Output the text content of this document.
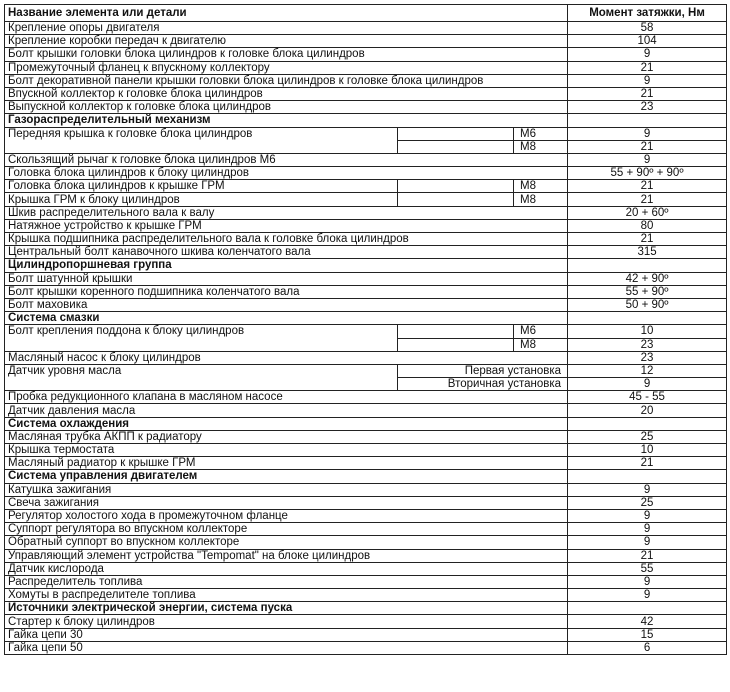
Название элемента или детали			Момент затяжки, Нм
Крепление опоры двигателя			58
Крепление коробки передач к двигателю			104
Болт крышки головки блока цилиндров к головке блока цилиндров			9
Промежуточный фланец к впускному коллектору			21
Болт декоративной панели крышки головки блока цилиндров к головке блока цилиндров			9
Впускной коллектор к головке блока цилиндров			21
Выпускной коллектор к головке блока цилиндров			23
Газораспределительный механизм			
Передняя крышка к головке блока цилиндров		М6	9
		М8	21
Скользящий рычаг к головке блока цилиндров М6			9
Головка блока цилиндров к блоку цилиндров			55 + 90º + 90º
Головка блока цилиндров к крышке ГРМ		М8	21
Крышка ГРМ к блоку цилиндров		М8	21
Шкив распределительного вала к валу			20 + 60º
Натяжное устройство к крышке ГРМ			80
Крышка подшипника распределительного вала к головке блока цилиндров			21
Центральный болт канавочного шкива коленчатого вала			315
Цилиндропоршневая группа			
Болт шатунной крышки			42 + 90º
Болт крышки коренного подшипника коленчатого вала			55 + 90º
Болт маховика			50 + 90º
Система смазки			
Болт крепления поддона к блоку цилиндров		М6	10
		М8	23
Масляный насос к блоку цилиндров			23
Датчик уровня масла	Первая установка		12
	Вторичная установка		9
Пробка редукционного клапана в масляном насосе			45 - 55
Датчик давления масла			20
Система охлаждения			
Масляная трубка АКПП к радиатору			25
Крышка термостата			10
Масляный радиатор к крышке ГРМ			21
Система управления двигателем			
Катушка зажигания			9
Свеча зажигания			25
Регулятор холостого хода в промежуточном фланце			9
Суппорт регулятора во впускном коллекторе			9
Обратный суппорт во впускном коллекторе			9
Управляющий элемент устройства "Tempomat" на блоке цилиндров			21
Датчик кислорода			55
Распределитель топлива			9
Хомуты в распределителе топлива			9
Источники электрической энергии, система пуска			
Стартер к блоку цилиндров			42
Гайка цепи 30			15
Гайка цепи 50			6
